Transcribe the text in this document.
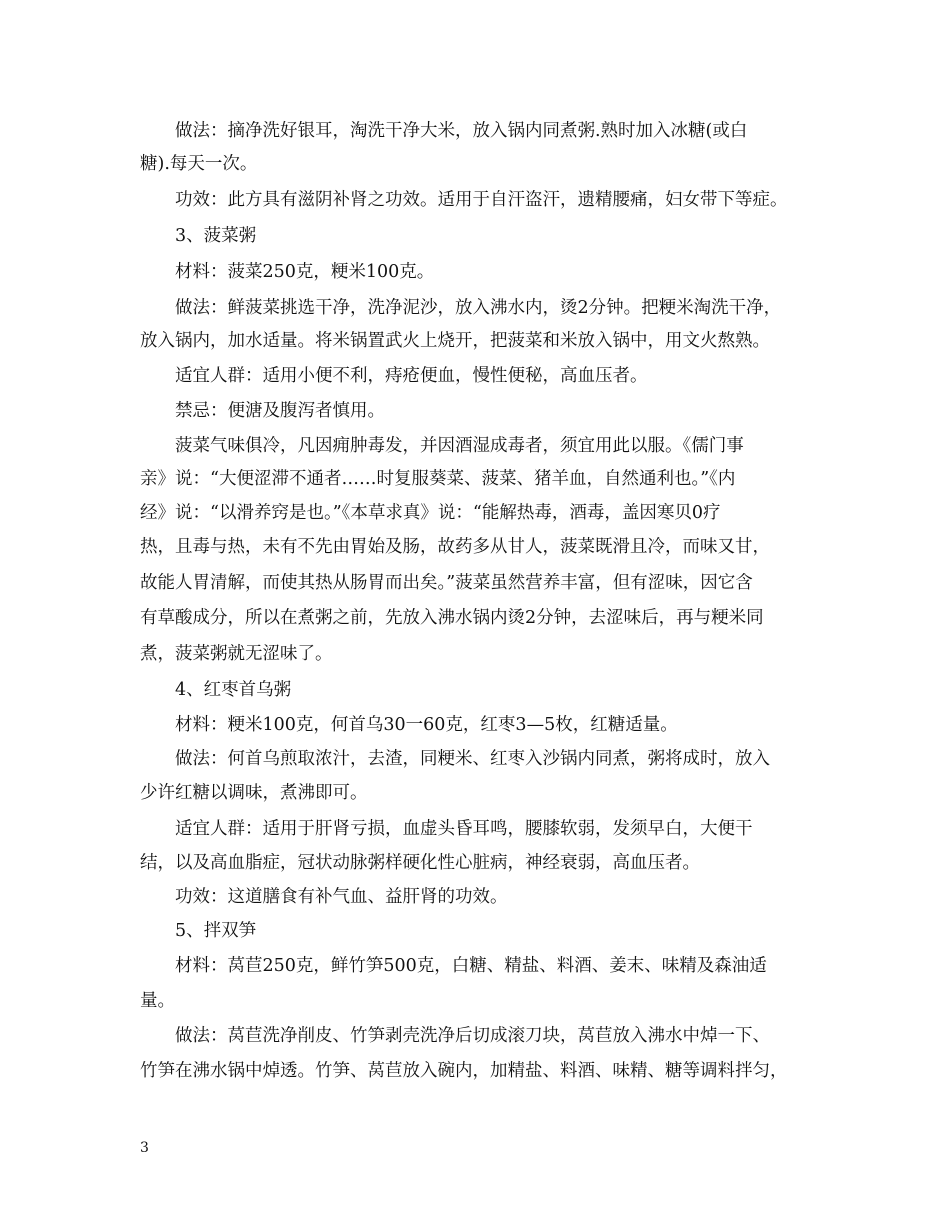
做法：摘净洗好银耳，淘洗干净大米，放入锅内同煮粥.熟时加入冰糖(或白
糖).每天一次。
功效：此方具有滋阴补肾之功效。适用于自汗盗汗，遗精腰痛，妇女带下等症。
3、菠菜粥
材料：菠菜250克，粳米100克。
做法：鲜菠菜挑选干净，洗净泥沙，放入沸水内，烫2分钟。把粳米淘洗干净，
放入锅内，加水适量。将米锅置武火上烧开，把菠菜和米放入锅中，用文火熬熟。
适宜人群：适用小便不利，痔疮便血，慢性便秘，高血压者。
禁忌：便溏及腹泻者慎用。
菠菜气味俱冷，凡因痈肿毒发，并因酒湿成毒者，须宜用此以服。《儒门事
亲》说：“大便涩滞不通者……时复服葵菜、菠菜、猪羊血，自然通利也。”《内
经》说：“以滑养窍是也。”《本草求真》说：“能解热毒，酒毒，盖因寒贝0疗
热，且毒与热，未有不先由胃始及肠，故药多从甘人，菠菜既滑且冷，而味又甘，
故能人胃清解，而使其热从肠胃而出矣。”菠菜虽然营养丰富，但有涩味，因它含
有草酸成分，所以在煮粥之前，先放入沸水锅内烫2分钟，去涩味后，再与粳米同
煮，菠菜粥就无涩味了。
4、红枣首乌粥
材料：粳米100克，何首乌30一60克，红枣3—5枚，红糖适量。
做法：何首乌煎取浓汁，去渣，同粳米、红枣入沙锅内同煮，粥将成时，放入
少许红糖以调味，煮沸即可。
适宜人群：适用于肝肾亏损，血虚头昏耳鸣，腰膝软弱，发须早白，大便干
结，以及高血脂症，冠状动脉粥样硬化性心脏病，神经衰弱，高血压者。
功效：这道膳食有补气血、益肝肾的功效。
5、拌双笋
材料：莴苣250克，鲜竹笋500克，白糖、精盐、料酒、姜末、味精及森油适
量。
做法：莴苣洗净削皮、竹笋剥壳洗净后切成滚刀块，莴苣放入沸水中焯一下、
竹笋在沸水锅中焯透。竹笋、莴苣放入碗内，加精盐、料酒、味精、糖等调料拌匀，
3
